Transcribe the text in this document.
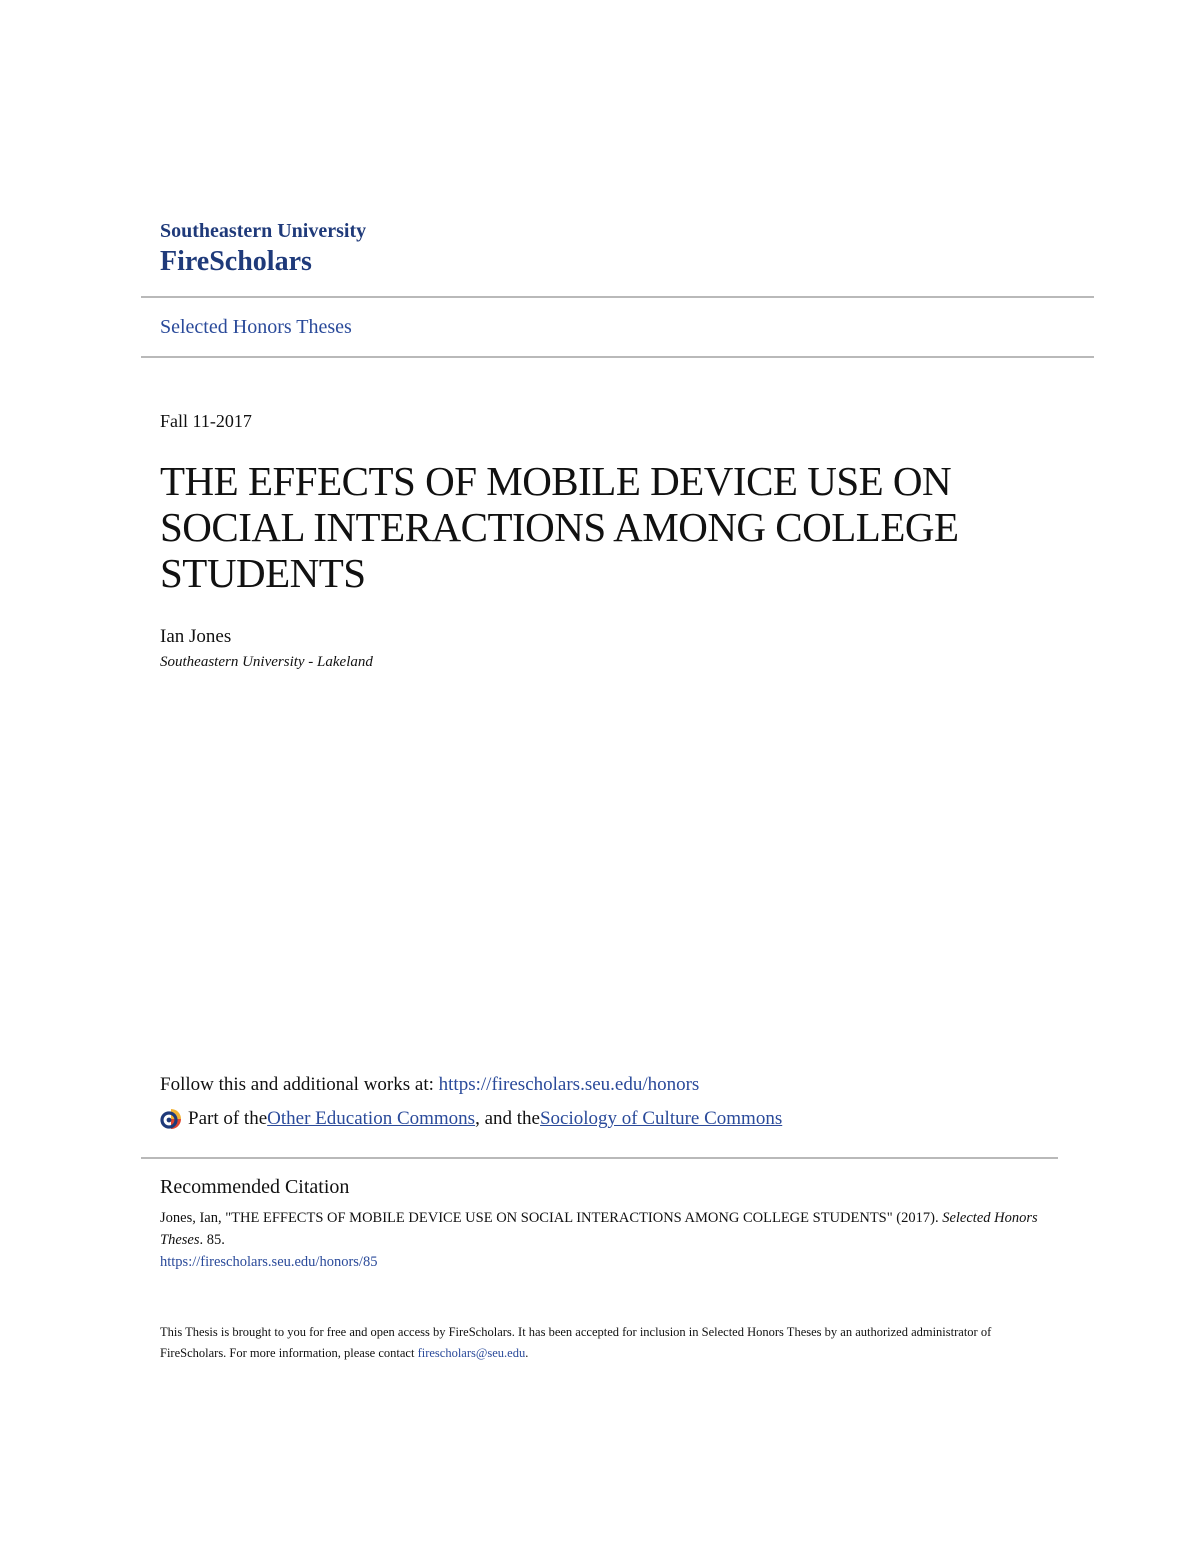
Southeastern University
FireScholars
Selected Honors Theses
Fall 11-2017
THE EFFECTS OF MOBILE DEVICE USE ON SOCIAL INTERACTIONS AMONG COLLEGE STUDENTS
Ian Jones
Southeastern University - Lakeland
Follow this and additional works at: https://firescholars.seu.edu/honors
Part of the Other Education Commons , and the Sociology of Culture Commons
Recommended Citation
Jones, Ian, "THE EFFECTS OF MOBILE DEVICE USE ON SOCIAL INTERACTIONS AMONG COLLEGE STUDENTS" (2017). Selected Honors Theses. 85.
https://firescholars.seu.edu/honors/85
This Thesis is brought to you for free and open access by FireScholars. It has been accepted for inclusion in Selected Honors Theses by an authorized administrator of FireScholars. For more information, please contact firescholars@seu.edu.
